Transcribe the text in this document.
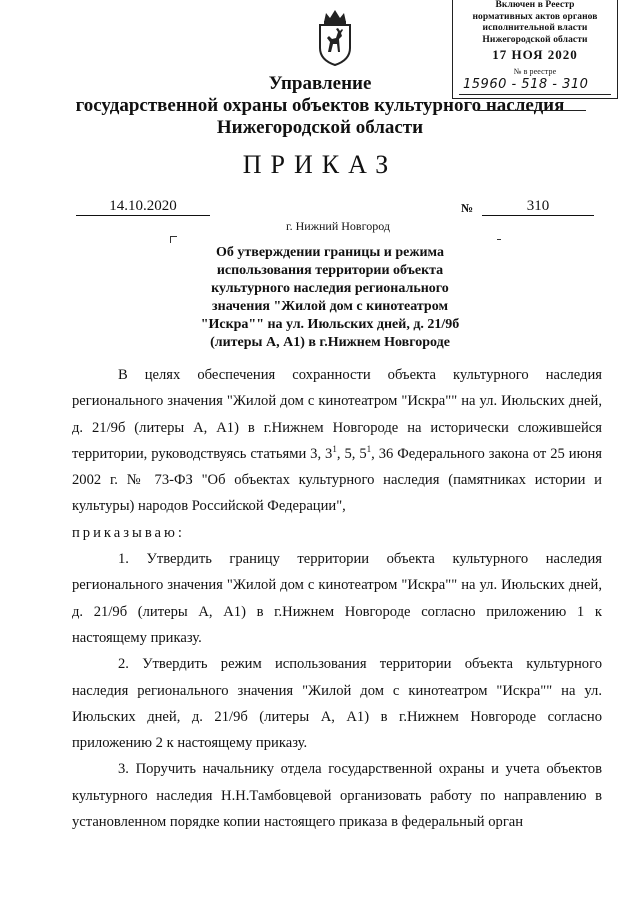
Включен в Реестр
нормативных актов органов
исполнительной власти
Нижегородской области
17 НОЯ 2020
№ в реестре
15960 - 518 - 310
Управление
государственной охраны объектов культурного наследия
Нижегородской области
ПРИКАЗ
14.10.2020	№	310
г. Нижний Новгород
Об утверждении границы и режима
использования территории объекта
культурного наследия регионального
значения "Жилой дом с кинотеатром
"Искра"" на ул. Июльских дней, д. 21/9б
(литеры А, А1) в г.Нижнем Новгороде

В целях обеспечения сохранности объекта культурного наследия регионального значения "Жилой дом с кинотеатром "Искра"" на ул. Июльских дней, д. 21/9б (литеры А, А1) в г.Нижнем Новгороде на исторически сложившейся территории, руководствуясь статьями 3, $3^1$, 5, $5^1$, 36 Федерального закона от 25 июня 2002 г. № 73-ФЗ "Об объектах культурного наследия (памятниках истории и культуры) народов Российской Федерации",

приказываю:

1. Утвердить границу территории объекта культурного наследия регионального значения "Жилой дом с кинотеатром "Искра"" на ул. Июльских дней, д. 21/9б (литеры А, А1) в г.Нижнем Новгороде согласно приложению 1 к настоящему приказу.

2. Утвердить режим использования территории объекта культурного наследия регионального значения "Жилой дом с кинотеатром "Искра"" на ул. Июльских дней, д. 21/9б (литеры А, А1) в г.Нижнем Новгороде согласно приложению 2 к настоящему приказу.

3. Поручить начальнику отдела государственной охраны и учета объектов культурного наследия Н.Н.Тамбовцевой организовать работу по направлению в установленном порядке копии настоящего приказа в федеральный орган
